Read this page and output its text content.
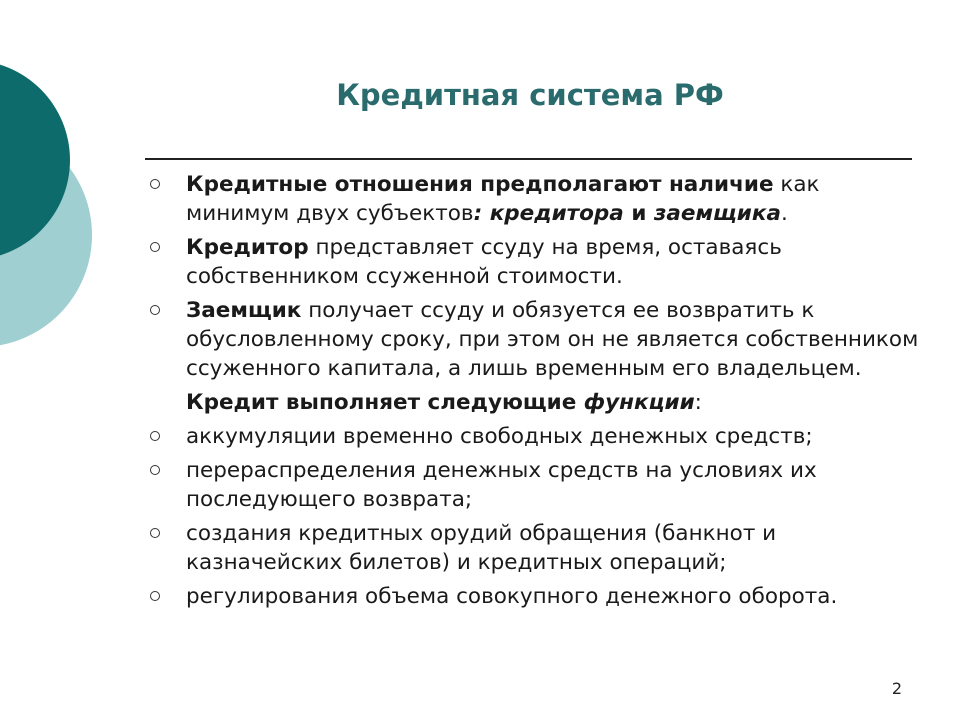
Кредитная система РФ
Кредитные отношения предполагают наличие как минимум двух субъектов: кредитора и заемщика.
Кредитор представляет ссуду на время, оставаясь собственником ссуженной стоимости.
Заемщик получает ссуду и обязуется ее возвратить к обусловленному сроку, при этом он не является собственником ссуженного капитала, а лишь временным его владельцем.
Кредит выполняет следующие функции:
аккумуляции временно свободных денежных средств;
перераспределения денежных средств на условиях их последующего возврата;
создания кредитных орудий обращения (банкнот и казначейских билетов) и кредитных операций;
регулирования объема совокупного денежного оборота.
2
